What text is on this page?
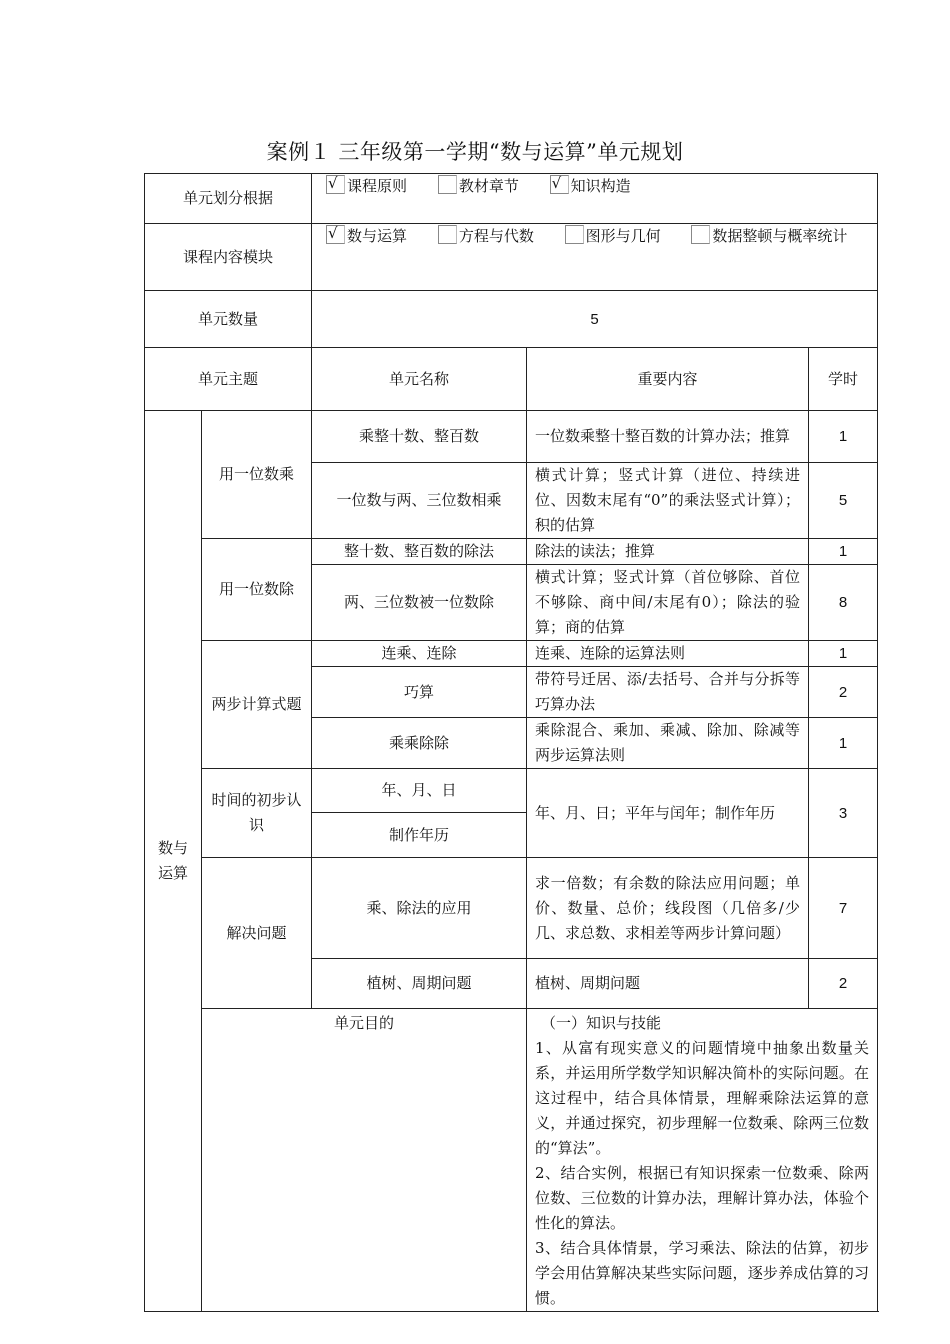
案例１ 三年级第一学期“数与运算”单元规划
单元划分根据		√ 课程原则 教材章节 √ 知识构造		
课程内容模块		√ 数与运算 方程与代数 图形与几何 数据整顿与概率统计		
单元数量		5		
单元主题		单元名称	重要内容	学时
数与运算	用一位数乘	乘整十数、整百数	一位数乘整十整百数的计算办法；推算	1
		一位数与两、三位数相乘	横式计算；竖式计算（进位、持续进位、因数末尾有“0”的乘法竖式计算）；积的估算	5
	用一位数除	整十数、整百数的除法	除法的读法；推算	1
		两、三位数被一位数除	横式计算；竖式计算（首位够除、首位不够除、商中间/末尾有0）；除法的验算；商的估算	8
	两步计算式题	连乘、连除	连乘、连除的运算法则	1
		巧算	带符号迁居、添/去括号、合并与分拆等巧算办法	2
		乘乘除除	乘除混合、乘加、乘减、除加、除减等两步运算法则	1
	时间的初步认识	年、月、日	年、月、日；平年与闰年；制作年历	3
		制作年历		
	解决问题	乘、除法的应用	求一倍数；有余数的除法应用问题；单价、数量、总价；线段图（几倍多/少几、求总数、求相差等两步计算问题）	7
		植树、周期问题	植树、周期问题	2
	单元目的		（一）知识与技能

1、从富有现实意义的问题情境中抽象出数量关系，并运用所学数学知识解决简朴的实际问题。在这过程中，结合具体情景，理解乘除法运算的意义，并通过探究，初步理解一位数乘、除两三位数的“算法”。

2、结合实例，根据已有知识探索一位数乘、除两位数、三位数的计算办法，理解计算办法，体验个性化的算法。

3、结合具体情景，学习乘法、除法的估算，初步学会用估算解决某些实际问题，逐步养成估算的习惯。	
